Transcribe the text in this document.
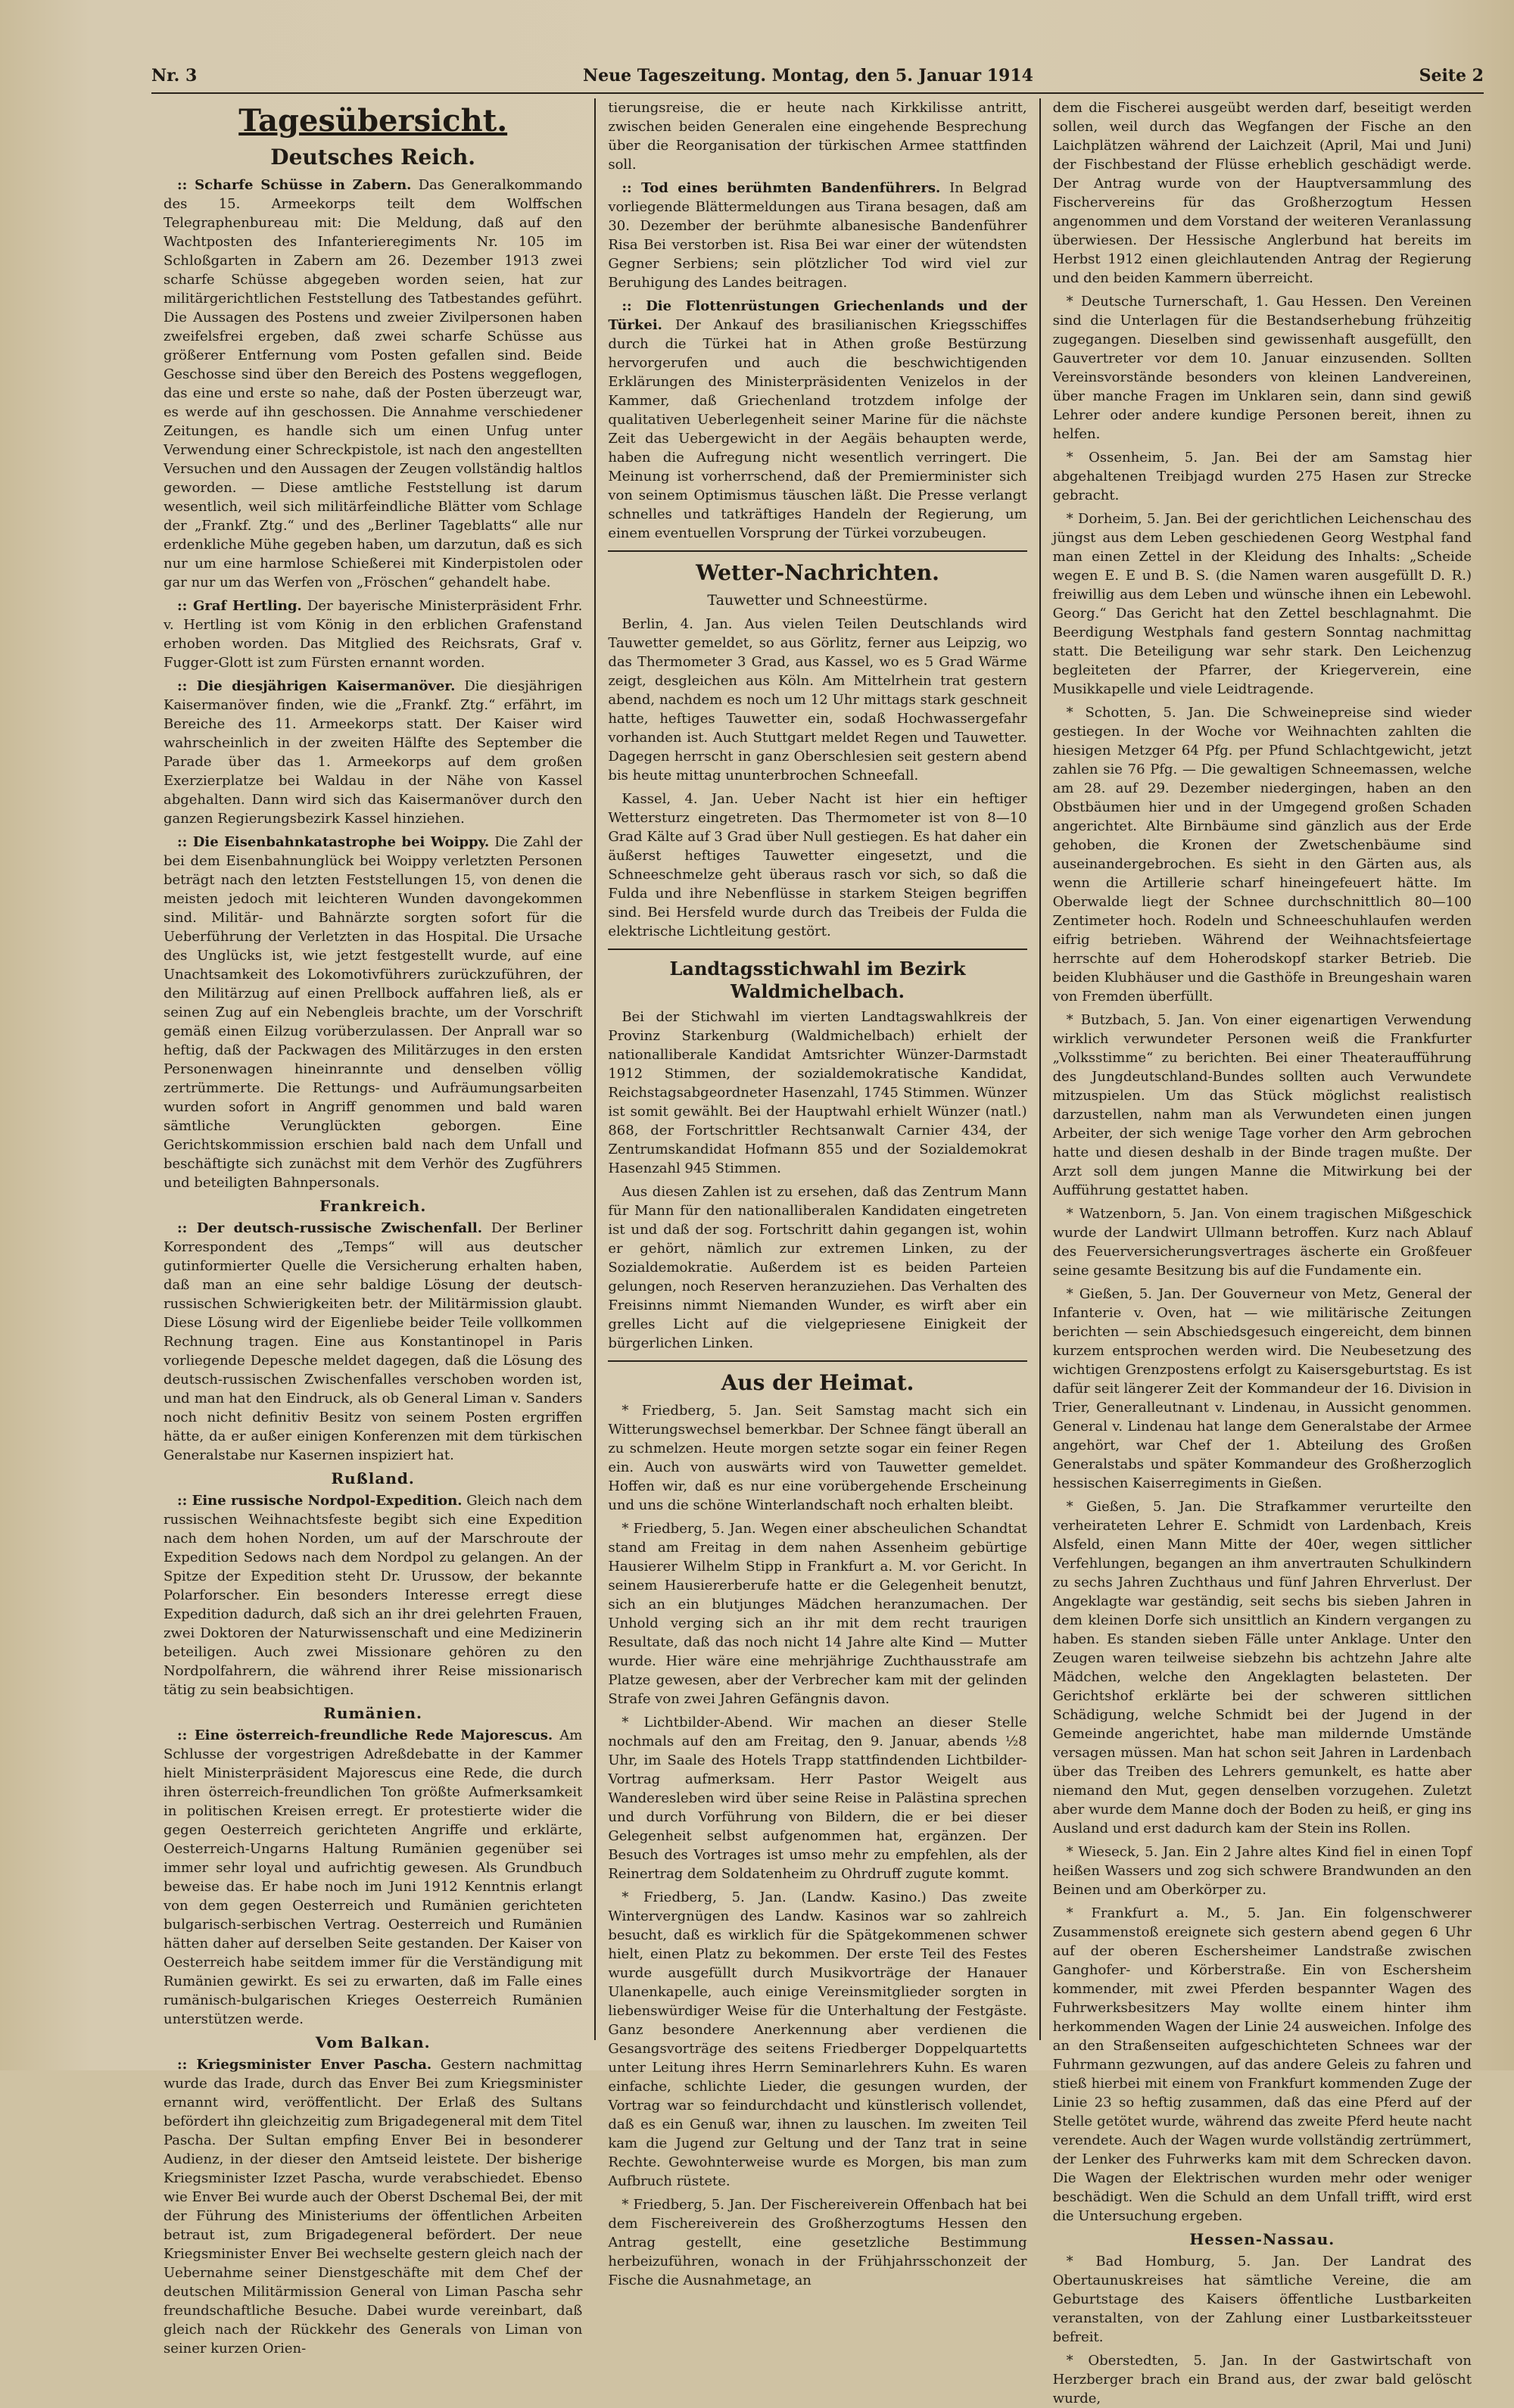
Nr. 3	Neue Tageszeitung. Montag, den 5. Januar 1914	Seite 2
Tagesübersicht.
Deutsches Reich.

:: Scharfe Schüsse in Zabern. Das Generalkommando des 15. Armeekorps teilt dem Wolffschen Telegraphenbureau mit: Die Meldung, daß auf den Wachtposten des Infanterieregiments Nr. 105 im Schloßgarten in Zabern am 26. Dezember 1913 zwei scharfe Schüsse abgegeben worden seien, hat zur militärgerichtlichen Feststellung des Tatbestandes geführt. Die Aussagen des Postens und zweier Zivilpersonen haben zweifelsfrei ergeben, daß zwei scharfe Schüsse aus größerer Entfernung vom Posten gefallen sind. Beide Geschosse sind über den Bereich des Postens weggeflogen, das eine und erste so nahe, daß der Posten überzeugt war, es werde auf ihn geschossen. Die Annahme verschiedener Zeitungen, es handle sich um einen Unfug unter Verwendung einer Schreckpistole, ist nach den angestellten Versuchen und den Aussagen der Zeugen vollständig haltlos geworden. — Diese amtliche Feststellung ist darum wesentlich, weil sich militärfeindliche Blätter vom Schlage der „Frankf. Ztg.“ und des „Berliner Tageblatts“ alle nur erdenkliche Mühe gegeben haben, um darzutun, daß es sich nur um eine harmlose Schießerei mit Kinderpistolen oder gar nur um das Werfen von „Fröschen“ gehandelt habe.

:: Graf Hertling. Der bayerische Ministerpräsident Frhr. v. Hertling ist vom König in den erblichen Grafenstand erhoben worden. Das Mitglied des Reichsrats, Graf v. Fugger-Glott ist zum Fürsten ernannt worden.

:: Die diesjährigen Kaisermanöver. Die diesjährigen Kaisermanöver finden, wie die „Frankf. Ztg.“ erfährt, im Bereiche des 11. Armeekorps statt. Der Kaiser wird wahrscheinlich in der zweiten Hälfte des September die Parade über das 1. Armeekorps auf dem großen Exerzierplatze bei Waldau in der Nähe von Kassel abgehalten. Dann wird sich das Kaisermanöver durch den ganzen Regierungsbezirk Kassel hinziehen.

:: Die Eisenbahnkatastrophe bei Woippy. Die Zahl der bei dem Eisenbahnunglück bei Woippy verletzten Personen beträgt nach den letzten Feststellungen 15, von denen die meisten jedoch mit leichteren Wunden davongekommen sind. Militär- und Bahnärzte sorgten sofort für die Ueberführung der Verletzten in das Hospital. Die Ursache des Unglücks ist, wie jetzt festgestellt wurde, auf eine Unachtsamkeit des Lokomotivführers zurückzuführen, der den Militärzug auf einen Prellbock auffahren ließ, als er seinen Zug auf ein Nebengleis brachte, um der Vorschrift gemäß einen Eilzug vorüberzulassen. Der Anprall war so heftig, daß der Packwagen des Militärzuges in den ersten Personenwagen hineinrannte und denselben völlig zertrümmerte. Die Rettungs- und Aufräumungsarbeiten wurden sofort in Angriff genommen und bald waren sämtliche Verunglückten geborgen. Eine Gerichtskommission erschien bald nach dem Unfall und beschäftigte sich zunächst mit dem Verhör des Zugführers und beteiligten Bahnpersonals.

Frankreich.

:: Der deutsch-russische Zwischenfall. Der Berliner Korrespondent des „Temps“ will aus deutscher gutinformierter Quelle die Versicherung erhalten haben, daß man an eine sehr baldige Lösung der deutsch-russischen Schwierigkeiten betr. der Militärmission glaubt. Diese Lösung wird der Eigenliebe beider Teile vollkommen Rechnung tragen. Eine aus Konstantinopel in Paris vorliegende Depesche meldet dagegen, daß die Lösung des deutsch-russischen Zwischenfalles verschoben worden ist, und man hat den Eindruck, als ob General Liman v. Sanders noch nicht definitiv Besitz von seinem Posten ergriffen hätte, da er außer einigen Konferenzen mit dem türkischen Generalstabe nur Kasernen inspiziert hat.

Rußland.

:: Eine russische Nordpol-Expedition. Gleich nach dem russischen Weihnachtsfeste begibt sich eine Expedition nach dem hohen Norden, um auf der Marschroute der Expedition Sedows nach dem Nordpol zu gelangen. An der Spitze der Expedition steht Dr. Urussow, der bekannte Polarforscher. Ein besonders Interesse erregt diese Expedition dadurch, daß sich an ihr drei gelehrten Frauen, zwei Doktoren der Naturwissenschaft und eine Medizinerin beteiligen. Auch zwei Missionare gehören zu den Nordpolfahrern, die während ihrer Reise missionarisch tätig zu sein beabsichtigen.

Rumänien.

:: Eine österreich-freundliche Rede Majorescus. Am Schlusse der vorgestrigen Adreßdebatte in der Kammer hielt Ministerpräsident Majorescus eine Rede, die durch ihren österreich-freundlichen Ton größte Aufmerksamkeit in politischen Kreisen erregt. Er protestierte wider die gegen Oesterreich gerichteten Angriffe und erklärte, Oesterreich-Ungarns Haltung Rumänien gegenüber sei immer sehr loyal und aufrichtig gewesen. Als Grundbuch beweise das. Er habe noch im Juni 1912 Kenntnis erlangt von dem gegen Oesterreich und Rumänien gerichteten bulgarisch-serbischen Vertrag. Oesterreich und Rumänien hätten daher auf derselben Seite gestanden. Der Kaiser von Oesterreich habe seitdem immer für die Verständigung mit Rumänien gewirkt. Es sei zu erwarten, daß im Falle eines rumänisch-bulgarischen Krieges Oesterreich Rumänien unterstützen werde.

Vom Balkan.

:: Kriegsminister Enver Pascha. Gestern nachmittag wurde das Irade, durch das Enver Bei zum Kriegsminister ernannt wird, veröffentlicht. Der Erlaß des Sultans befördert ihn gleichzeitig zum Brigadegeneral mit dem Titel Pascha. Der Sultan empfing Enver Bei in besonderer Audienz, in der dieser den Amtseid leistete. Der bisherige Kriegsminister Izzet Pascha, wurde verabschiedet. Ebenso wie Enver Bei wurde auch der Oberst Dschemal Bei, der mit der Führung des Ministeriums der öffentlichen Arbeiten betraut ist, zum Brigadegeneral befördert. Der neue Kriegsminister Enver Bei wechselte gestern gleich nach der Uebernahme seiner Dienstgeschäfte mit dem Chef der deutschen Militärmission General von Liman Pascha sehr freundschaftliche Besuche. Dabei wurde vereinbart, daß gleich nach der Rückkehr des Generals von Liman von seiner kurzen Orien-

tierungsreise, die er heute nach Kirkkilisse antritt, zwischen beiden Generalen eine eingehende Besprechung über die Reorganisation der türkischen Armee stattfinden soll.

:: Tod eines berühmten Bandenführers. In Belgrad vorliegende Blättermeldungen aus Tirana besagen, daß am 30. Dezember der berühmte albanesische Bandenführer Risa Bei verstorben ist. Risa Bei war einer der wütendsten Gegner Serbiens; sein plötzlicher Tod wird viel zur Beruhigung des Landes beitragen.

:: Die Flottenrüstungen Griechenlands und der Türkei. Der Ankauf des brasilianischen Kriegsschiffes durch die Türkei hat in Athen große Bestürzung hervorgerufen und auch die beschwichtigenden Erklärungen des Ministerpräsidenten Venizelos in der Kammer, daß Griechenland trotzdem infolge der qualitativen Ueberlegenheit seiner Marine für die nächste Zeit das Uebergewicht in der Aegäis behaupten werde, haben die Aufregung nicht wesentlich verringert. Die Meinung ist vorherrschend, daß der Premierminister sich von seinem Optimismus täuschen läßt. Die Presse verlangt schnelles und tatkräftiges Handeln der Regierung, um einem eventuellen Vorsprung der Türkei vorzubeugen.

Wetter-Nachrichten.
Tauwetter und Schneestürme.

Berlin, 4. Jan. Aus vielen Teilen Deutschlands wird Tauwetter gemeldet, so aus Görlitz, ferner aus Leipzig, wo das Thermometer 3 Grad, aus Kassel, wo es 5 Grad Wärme zeigt, desgleichen aus Köln. Am Mittelrhein trat gestern abend, nachdem es noch um 12 Uhr mittags stark geschneit hatte, heftiges Tauwetter ein, sodaß Hochwassergefahr vorhanden ist. Auch Stuttgart meldet Regen und Tauwetter. Dagegen herrscht in ganz Oberschlesien seit gestern abend bis heute mittag ununterbrochen Schneefall.

Kassel, 4. Jan. Ueber Nacht ist hier ein heftiger Wettersturz eingetreten. Das Thermometer ist von 8—10 Grad Kälte auf 3 Grad über Null gestiegen. Es hat daher ein äußerst heftiges Tauwetter eingesetzt, und die Schneeschmelze geht überaus rasch vor sich, so daß die Fulda und ihre Nebenflüsse in starkem Steigen begriffen sind. Bei Hersfeld wurde durch das Treibeis der Fulda die elektrische Lichtleitung gestört.

Landtagsstichwahl im Bezirk Waldmichelbach.

Bei der Stichwahl im vierten Landtagswahlkreis der Provinz Starkenburg (Waldmichelbach) erhielt der nationalliberale Kandidat Amtsrichter Wünzer-Darmstadt 1912 Stimmen, der sozialdemokratische Kandidat, Reichstagsabgeordneter Hasenzahl, 1745 Stimmen. Wünzer ist somit gewählt. Bei der Hauptwahl erhielt Wünzer (natl.) 868, der Fortschrittler Rechtsanwalt Carnier 434, der Zentrumskandidat Hofmann 855 und der Sozialdemokrat Hasenzahl 945 Stimmen.

Aus diesen Zahlen ist zu ersehen, daß das Zentrum Mann für Mann für den nationalliberalen Kandidaten eingetreten ist und daß der sog. Fortschritt dahin gegangen ist, wohin er gehört, nämlich zur extremen Linken, zu der Sozialdemokratie. Außerdem ist es beiden Parteien gelungen, noch Reserven heranzuziehen. Das Verhalten des Freisinns nimmt Niemanden Wunder, es wirft aber ein grelles Licht auf die vielgepriesene Einigkeit der bürgerlichen Linken.

Aus der Heimat.

* Friedberg, 5. Jan. Seit Samstag macht sich ein Witterungswechsel bemerkbar. Der Schnee fängt überall an zu schmelzen. Heute morgen setzte sogar ein feiner Regen ein. Auch von auswärts wird von Tauwetter gemeldet. Hoffen wir, daß es nur eine vorübergehende Erscheinung und uns die schöne Winterlandschaft noch erhalten bleibt.

* Friedberg, 5. Jan. Wegen einer abscheulichen Schandtat stand am Freitag in dem nahen Assenheim gebürtige Hausierer Wilhelm Stipp in Frankfurt a. M. vor Gericht. In seinem Hausiererberufe hatte er die Gelegenheit benutzt, sich an ein blutjunges Mädchen heranzumachen. Der Unhold verging sich an ihr mit dem recht traurigen Resultate, daß das noch nicht 14 Jahre alte Kind — Mutter wurde. Hier wäre eine mehrjährige Zuchthausstrafe am Platze gewesen, aber der Verbrecher kam mit der gelinden Strafe von zwei Jahren Gefängnis davon.

* Lichtbilder-Abend. Wir machen an dieser Stelle nochmals auf den am Freitag, den 9. Januar, abends ½8 Uhr, im Saale des Hotels Trapp stattfindenden Lichtbilder-Vortrag aufmerksam. Herr Pastor Weigelt aus Wanderesleben wird über seine Reise in Palästina sprechen und durch Vorführung von Bildern, die er bei dieser Gelegenheit selbst aufgenommen hat, ergänzen. Der Besuch des Vortrages ist umso mehr zu empfehlen, als der Reinertrag dem Soldatenheim zu Ohrdruff zugute kommt.

* Friedberg, 5. Jan. (Landw. Kasino.) Das zweite Wintervergnügen des Landw. Kasinos war so zahlreich besucht, daß es wirklich für die Spätgekommenen schwer hielt, einen Platz zu bekommen. Der erste Teil des Festes wurde ausgefüllt durch Musikvorträge der Hanauer Ulanenkapelle, auch einige Vereinsmitglieder sorgten in liebenswürdiger Weise für die Unterhaltung der Festgäste. Ganz besondere Anerkennung aber verdienen die Gesangsvorträge des seitens Friedberger Doppelquartetts unter Leitung ihres Herrn Seminarlehrers Kuhn. Es waren einfache, schlichte Lieder, die gesungen wurden, der Vortrag war so feindurchdacht und künstlerisch vollendet, daß es ein Genuß war, ihnen zu lauschen. Im zweiten Teil kam die Jugend zur Geltung und der Tanz trat in seine Rechte. Gewohnterweise wurde es Morgen, bis man zum Aufbruch rüstete.

* Friedberg, 5. Jan. Der Fischereiverein Offenbach hat bei dem Fischereiverein des Großherzogtums Hessen den Antrag gestellt, eine gesetzliche Bestimmung herbeizuführen, wonach in der Frühjahrsschonzeit der Fische die Ausnahmetage, an

dem die Fischerei ausgeübt werden darf, beseitigt werden sollen, weil durch das Wegfangen der Fische an den Laichplätzen während der Laichzeit (April, Mai und Juni) der Fischbestand der Flüsse erheblich geschädigt werde. Der Antrag wurde von der Hauptversammlung des Fischervereins für das Großherzogtum Hessen angenommen und dem Vorstand der weiteren Veranlassung überwiesen. Der Hessische Anglerbund hat bereits im Herbst 1912 einen gleichlautenden Antrag der Regierung und den beiden Kammern überreicht.

* Deutsche Turnerschaft, 1. Gau Hessen. Den Vereinen sind die Unterlagen für die Bestandserhebung frühzeitig zugegangen. Dieselben sind gewissenhaft ausgefüllt, den Gauvertreter vor dem 10. Januar einzusenden. Sollten Vereinsvorstände besonders von kleinen Landvereinen, über manche Fragen im Unklaren sein, dann sind gewiß Lehrer oder andere kundige Personen bereit, ihnen zu helfen.

* Ossenheim, 5. Jan. Bei der am Samstag hier abgehaltenen Treibjagd wurden 275 Hasen zur Strecke gebracht.

* Dorheim, 5. Jan. Bei der gerichtlichen Leichenschau des jüngst aus dem Leben geschiedenen Georg Westphal fand man einen Zettel in der Kleidung des Inhalts: „Scheide wegen E. E und B. S. (die Namen waren ausgefüllt D. R.) freiwillig aus dem Leben und wünsche ihnen ein Lebewohl. Georg.“ Das Gericht hat den Zettel beschlagnahmt. Die Beerdigung Westphals fand gestern Sonntag nachmittag statt. Die Beteiligung war sehr stark. Den Leichenzug begleiteten der Pfarrer, der Kriegerverein, eine Musikkapelle und viele Leidtragende.

* Schotten, 5. Jan. Die Schweinepreise sind wieder gestiegen. In der Woche vor Weihnachten zahlten die hiesigen Metzger 64 Pfg. per Pfund Schlachtgewicht, jetzt zahlen sie 76 Pfg. — Die gewaltigen Schneemassen, welche am 28. auf 29. Dezember niedergingen, haben an den Obstbäumen hier und in der Umgegend großen Schaden angerichtet. Alte Birnbäume sind gänzlich aus der Erde gehoben, die Kronen der Zwetschenbäume sind auseinandergebrochen. Es sieht in den Gärten aus, als wenn die Artillerie scharf hineingefeuert hätte. Im Oberwalde liegt der Schnee durchschnittlich 80—100 Zentimeter hoch. Rodeln und Schneeschuhlaufen werden eifrig betrieben. Während der Weihnachtsfeiertage herrschte auf dem Hoherodskopf starker Betrieb. Die beiden Klubhäuser und die Gasthöfe in Breungeshain waren von Fremden überfüllt.

* Butzbach, 5. Jan. Von einer eigenartigen Verwendung wirklich verwundeter Personen weiß die Frankfurter „Volksstimme“ zu berichten. Bei einer Theateraufführung des Jungdeutschland-Bundes sollten auch Verwundete mitzuspielen. Um das Stück möglichst realistisch darzustellen, nahm man als Verwundeten einen jungen Arbeiter, der sich wenige Tage vorher den Arm gebrochen hatte und diesen deshalb in der Binde tragen mußte. Der Arzt soll dem jungen Manne die Mitwirkung bei der Aufführung gestattet haben.

* Watzenborn, 5. Jan. Von einem tragischen Mißgeschick wurde der Landwirt Ullmann betroffen. Kurz nach Ablauf des Feuerversicherungsvertrages äscherte ein Großfeuer seine gesamte Besitzung bis auf die Fundamente ein.

* Gießen, 5. Jan. Der Gouverneur von Metz, General der Infanterie v. Oven, hat — wie militärische Zeitungen berichten — sein Abschiedsgesuch eingereicht, dem binnen kurzem entsprochen werden wird. Die Neubesetzung des wichtigen Grenzpostens erfolgt zu Kaisersgeburtstag. Es ist dafür seit längerer Zeit der Kommandeur der 16. Division in Trier, Generalleutnant v. Lindenau, in Aussicht genommen. General v. Lindenau hat lange dem Generalstabe der Armee angehört, war Chef der 1. Abteilung des Großen Generalstabs und später Kommandeur des Großherzoglich hessischen Kaiserregiments in Gießen.

* Gießen, 5. Jan. Die Strafkammer verurteilte den verheirateten Lehrer E. Schmidt von Lardenbach, Kreis Alsfeld, einen Mann Mitte der 40er, wegen sittlicher Verfehlungen, begangen an ihm anvertrauten Schulkindern zu sechs Jahren Zuchthaus und fünf Jahren Ehrverlust. Der Angeklagte war geständig, seit sechs bis sieben Jahren in dem kleinen Dorfe sich unsittlich an Kindern vergangen zu haben. Es standen sieben Fälle unter Anklage. Unter den Zeugen waren teilweise siebzehn bis achtzehn Jahre alte Mädchen, welche den Angeklagten belasteten. Der Gerichtshof erklärte bei der schweren sittlichen Schädigung, welche Schmidt bei der Jugend in der Gemeinde angerichtet, habe man mildernde Umstände versagen müssen. Man hat schon seit Jahren in Lardenbach über das Treiben des Lehrers gemunkelt, es hatte aber niemand den Mut, gegen denselben vorzugehen. Zuletzt aber wurde dem Manne doch der Boden zu heiß, er ging ins Ausland und erst dadurch kam der Stein ins Rollen.

* Wieseck, 5. Jan. Ein 2 Jahre altes Kind fiel in einen Topf heißen Wassers und zog sich schwere Brandwunden an den Beinen und am Oberkörper zu.

* Frankfurt a. M., 5. Jan. Ein folgenschwerer Zusammenstoß ereignete sich gestern abend gegen 6 Uhr auf der oberen Eschersheimer Landstraße zwischen Ganghofer- und Körberstraße. Ein von Eschersheim kommender, mit zwei Pferden bespannter Wagen des Fuhrwerksbesitzers May wollte einem hinter ihm herkommenden Wagen der Linie 24 ausweichen. Infolge des an den Straßenseiten aufgeschichteten Schnees war der Fuhrmann gezwungen, auf das andere Geleis zu fahren und stieß hierbei mit einem von Frankfurt kommenden Zuge der Linie 23 so heftig zusammen, daß das eine Pferd auf der Stelle getötet wurde, während das zweite Pferd heute nacht verendete. Auch der Wagen wurde vollständig zertrümmert, der Lenker des Fuhrwerks kam mit dem Schrecken davon. Die Wagen der Elektrischen wurden mehr oder weniger beschädigt. Wen die Schuld an dem Unfall trifft, wird erst die Untersuchung ergeben.

Hessen-Nassau.

* Bad Homburg, 5. Jan. Der Landrat des Obertaunuskreises hat sämtliche Vereine, die am Geburtstage des Kaisers öffentliche Lustbarkeiten veranstalten, von der Zahlung einer Lustbarkeitssteuer befreit.

* Oberstedten, 5. Jan. In der Gastwirtschaft von Herzberger brach ein Brand aus, der zwar bald gelöscht wurde,
